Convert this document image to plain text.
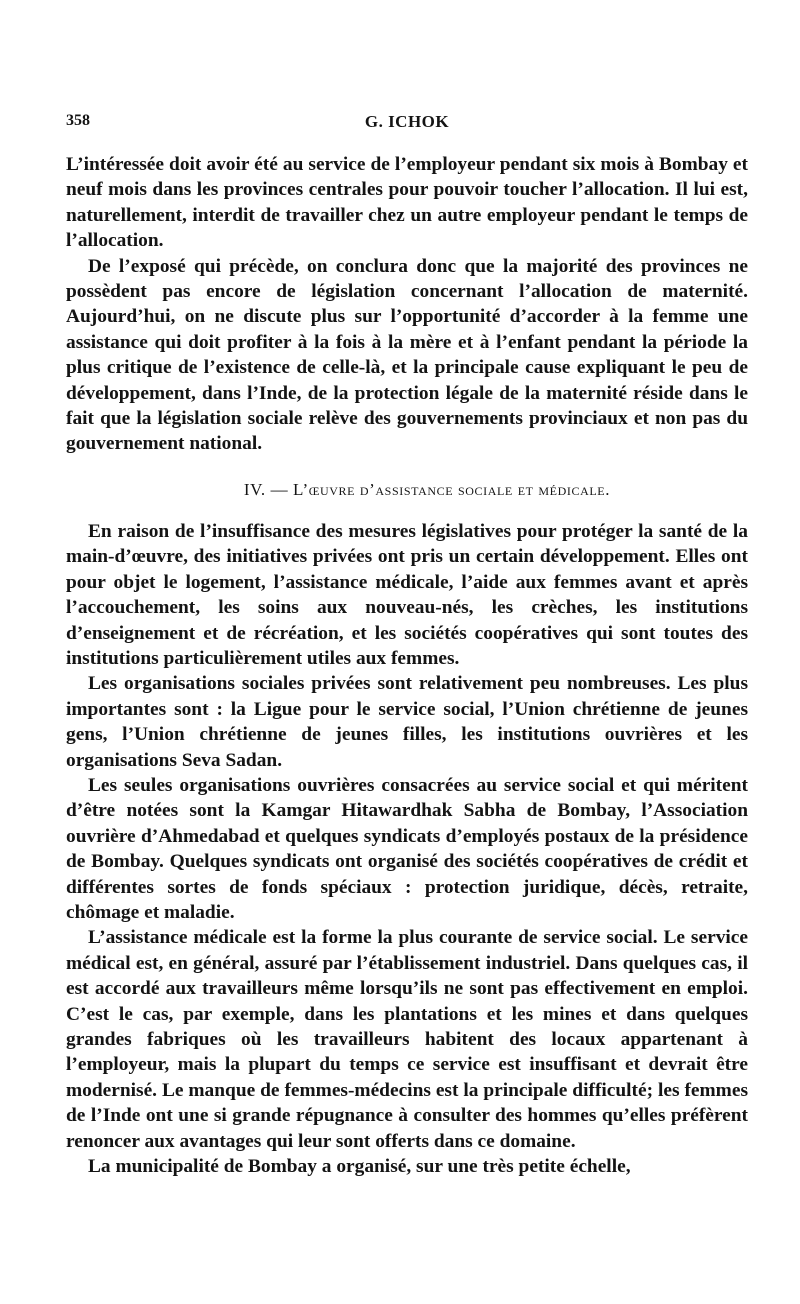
358	G. ICHOK

L’intéressée doit avoir été au service de l’employeur pendant six mois à Bombay et neuf mois dans les provinces centrales pour pouvoir toucher l’allocation. Il lui est, naturellement, interdit de travailler chez un autre employeur pendant le temps de l’allocation.

De l’exposé qui précède, on conclura donc que la majorité des provinces ne possèdent pas encore de législation concernant l’allocation de maternité. Aujourd’hui, on ne discute plus sur l’opportunité d’accorder à la femme une assistance qui doit profiter à la fois à la mère et à l’enfant pendant la période la plus critique de l’existence de celle-là, et la principale cause expliquant le peu de développement, dans l’Inde, de la protection légale de la maternité réside dans le fait que la législation sociale relève des gouvernements provinciaux et non pas du gouvernement national.

IV. — L’œuvre d’assistance sociale et médicale.

En raison de l’insuffisance des mesures législatives pour protéger la santé de la main-d’œuvre, des initiatives privées ont pris un certain développement. Elles ont pour objet le logement, l’assistance médicale, l’aide aux femmes avant et après l’accouchement, les soins aux nouveau-nés, les crèches, les institutions d’enseignement et de récréation, et les sociétés coopératives qui sont toutes des institutions particulièrement utiles aux femmes.

Les organisations sociales privées sont relativement peu nombreuses. Les plus importantes sont : la Ligue pour le service social, l’Union chrétienne de jeunes gens, l’Union chrétienne de jeunes filles, les institutions ouvrières et les organisations Seva Sadan.

Les seules organisations ouvrières consacrées au service social et qui méritent d’être notées sont la Kamgar Hitawardhak Sabha de Bombay, l’Association ouvrière d’Ahmedabad et quelques syndicats d’employés postaux de la présidence de Bombay. Quelques syndicats ont organisé des sociétés coopératives de crédit et différentes sortes de fonds spéciaux : protection juridique, décès, retraite, chômage et maladie.

L’assistance médicale est la forme la plus courante de service social. Le service médical est, en général, assuré par l’établissement industriel. Dans quelques cas, il est accordé aux travailleurs même lorsqu’ils ne sont pas effectivement en emploi. C’est le cas, par exemple, dans les plantations et les mines et dans quelques grandes fabriques où les travailleurs habitent des locaux appartenant à l’employeur, mais la plupart du temps ce service est insuffisant et devrait être modernisé. Le manque de femmes-médecins est la principale difficulté; les femmes de l’Inde ont une si grande répugnance à consulter des hommes qu’elles préfèrent renoncer aux avantages qui leur sont offerts dans ce domaine.

La municipalité de Bombay a organisé, sur une très petite échelle,
